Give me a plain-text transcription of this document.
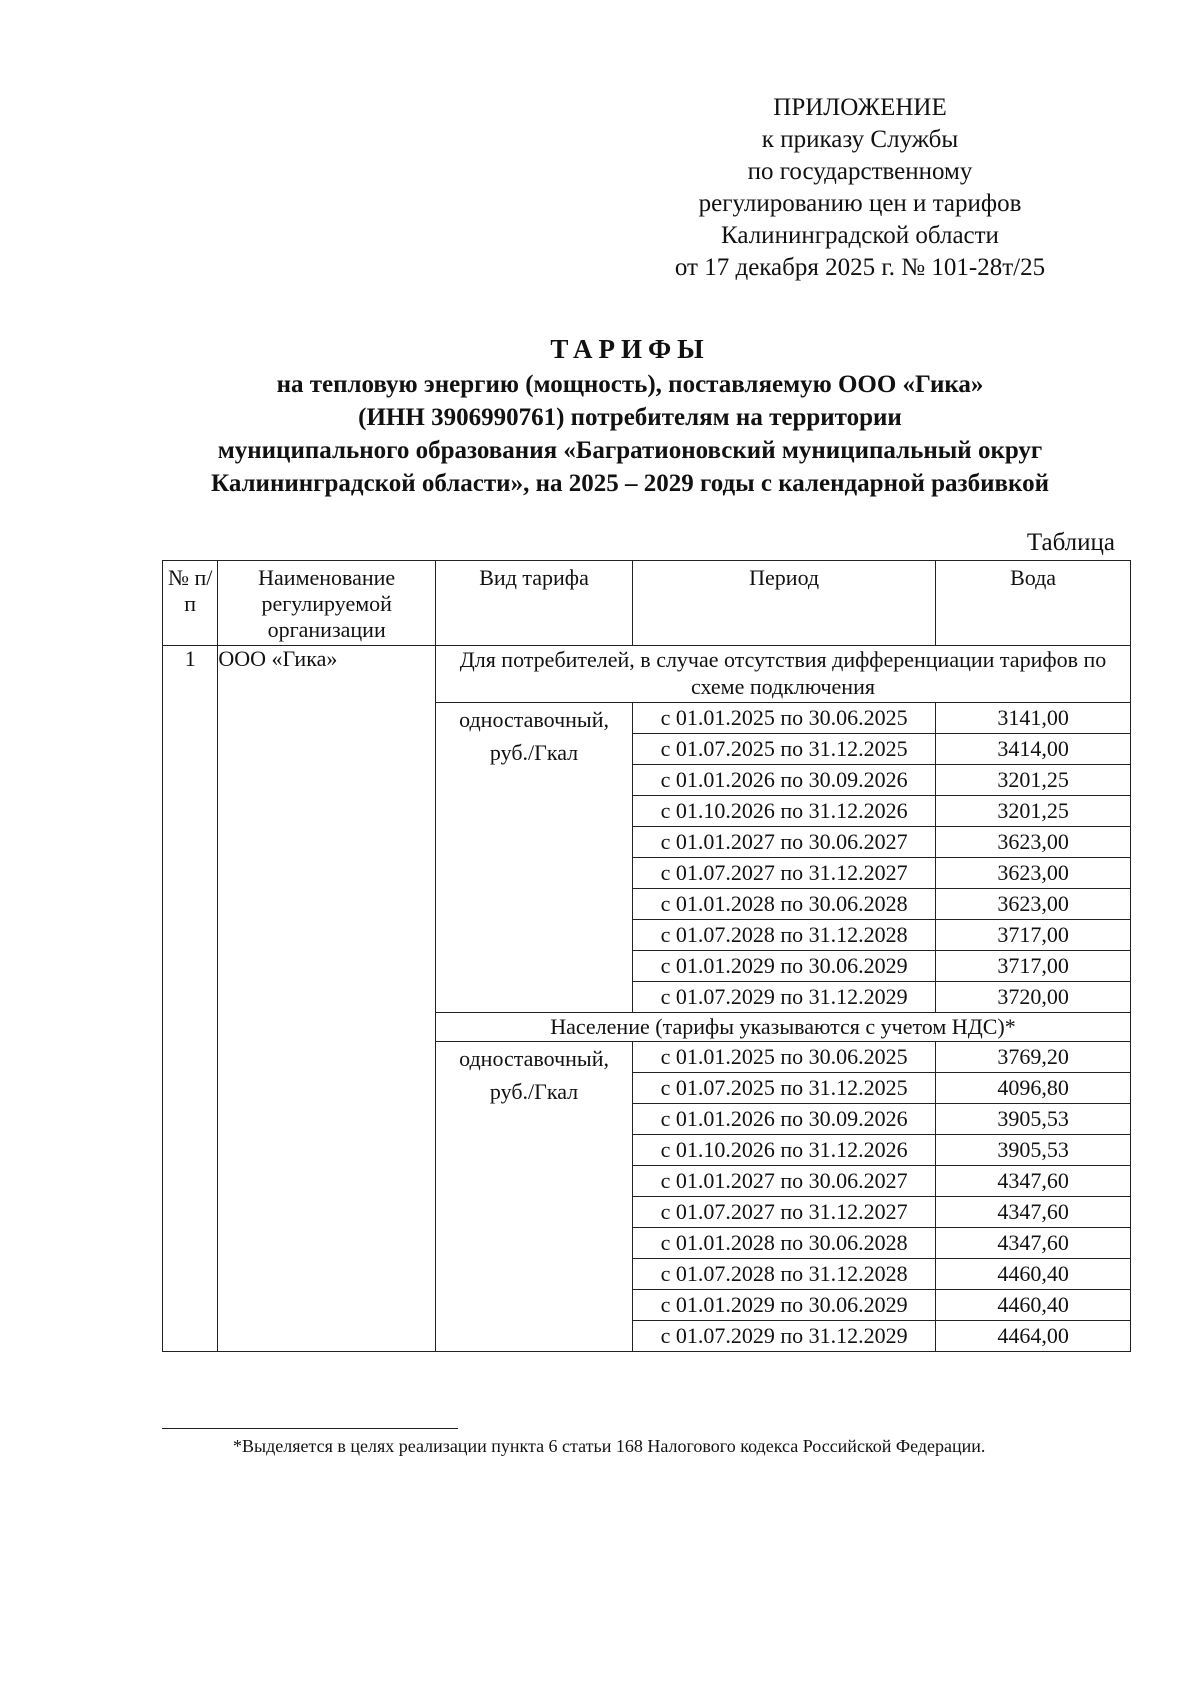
ПРИЛОЖЕНИЕ
к приказу Службы
по государственному
регулированию цен и тарифов
Калининградской области
от 17 декабря 2025 г. № 101-28т/25
ТАРИФЫ
на тепловую энергию (мощность), поставляемую ООО «Гика»
(ИНН 3906990761) потребителям на территории
муниципального образования «Багратионовский муниципальный округ
Калининградской области», на 2025 – 2029 годы с календарной разбивкой
Таблица
№ п/п	Наименование регулируемой организации	Вид тарифа	Период	Вода
1	ООО «Гика»	Для потребителей, в случае отсутствия дифференциации тарифов по схеме подключения		
		одноставочный, руб./Гкал	с 01.01.2025 по 30.06.2025	3141,00
			с 01.07.2025 по 31.12.2025	3414,00
			с 01.01.2026 по 30.09.2026	3201,25
			с 01.10.2026 по 31.12.2026	3201,25
			с 01.01.2027 по 30.06.2027	3623,00
			с 01.07.2027 по 31.12.2027	3623,00
			с 01.01.2028 по 30.06.2028	3623,00
			с 01.07.2028 по 31.12.2028	3717,00
			с 01.01.2029 по 30.06.2029	3717,00
			с 01.07.2029 по 31.12.2029	3720,00
		Население (тарифы указываются с учетом НДС)*		
		одноставочный, руб./Гкал	с 01.01.2025 по 30.06.2025	3769,20
			с 01.07.2025 по 31.12.2025	4096,80
			с 01.01.2026 по 30.09.2026	3905,53
			с 01.10.2026 по 31.12.2026	3905,53
			с 01.01.2027 по 30.06.2027	4347,60
			с 01.07.2027 по 31.12.2027	4347,60
			с 01.01.2028 по 30.06.2028	4347,60
			с 01.07.2028 по 31.12.2028	4460,40
			с 01.01.2029 по 30.06.2029	4460,40
			с 01.07.2029 по 31.12.2029	4464,00
*Выделяется в целях реализации пункта 6 статьи 168 Налогового кодекса Российской Федерации.
